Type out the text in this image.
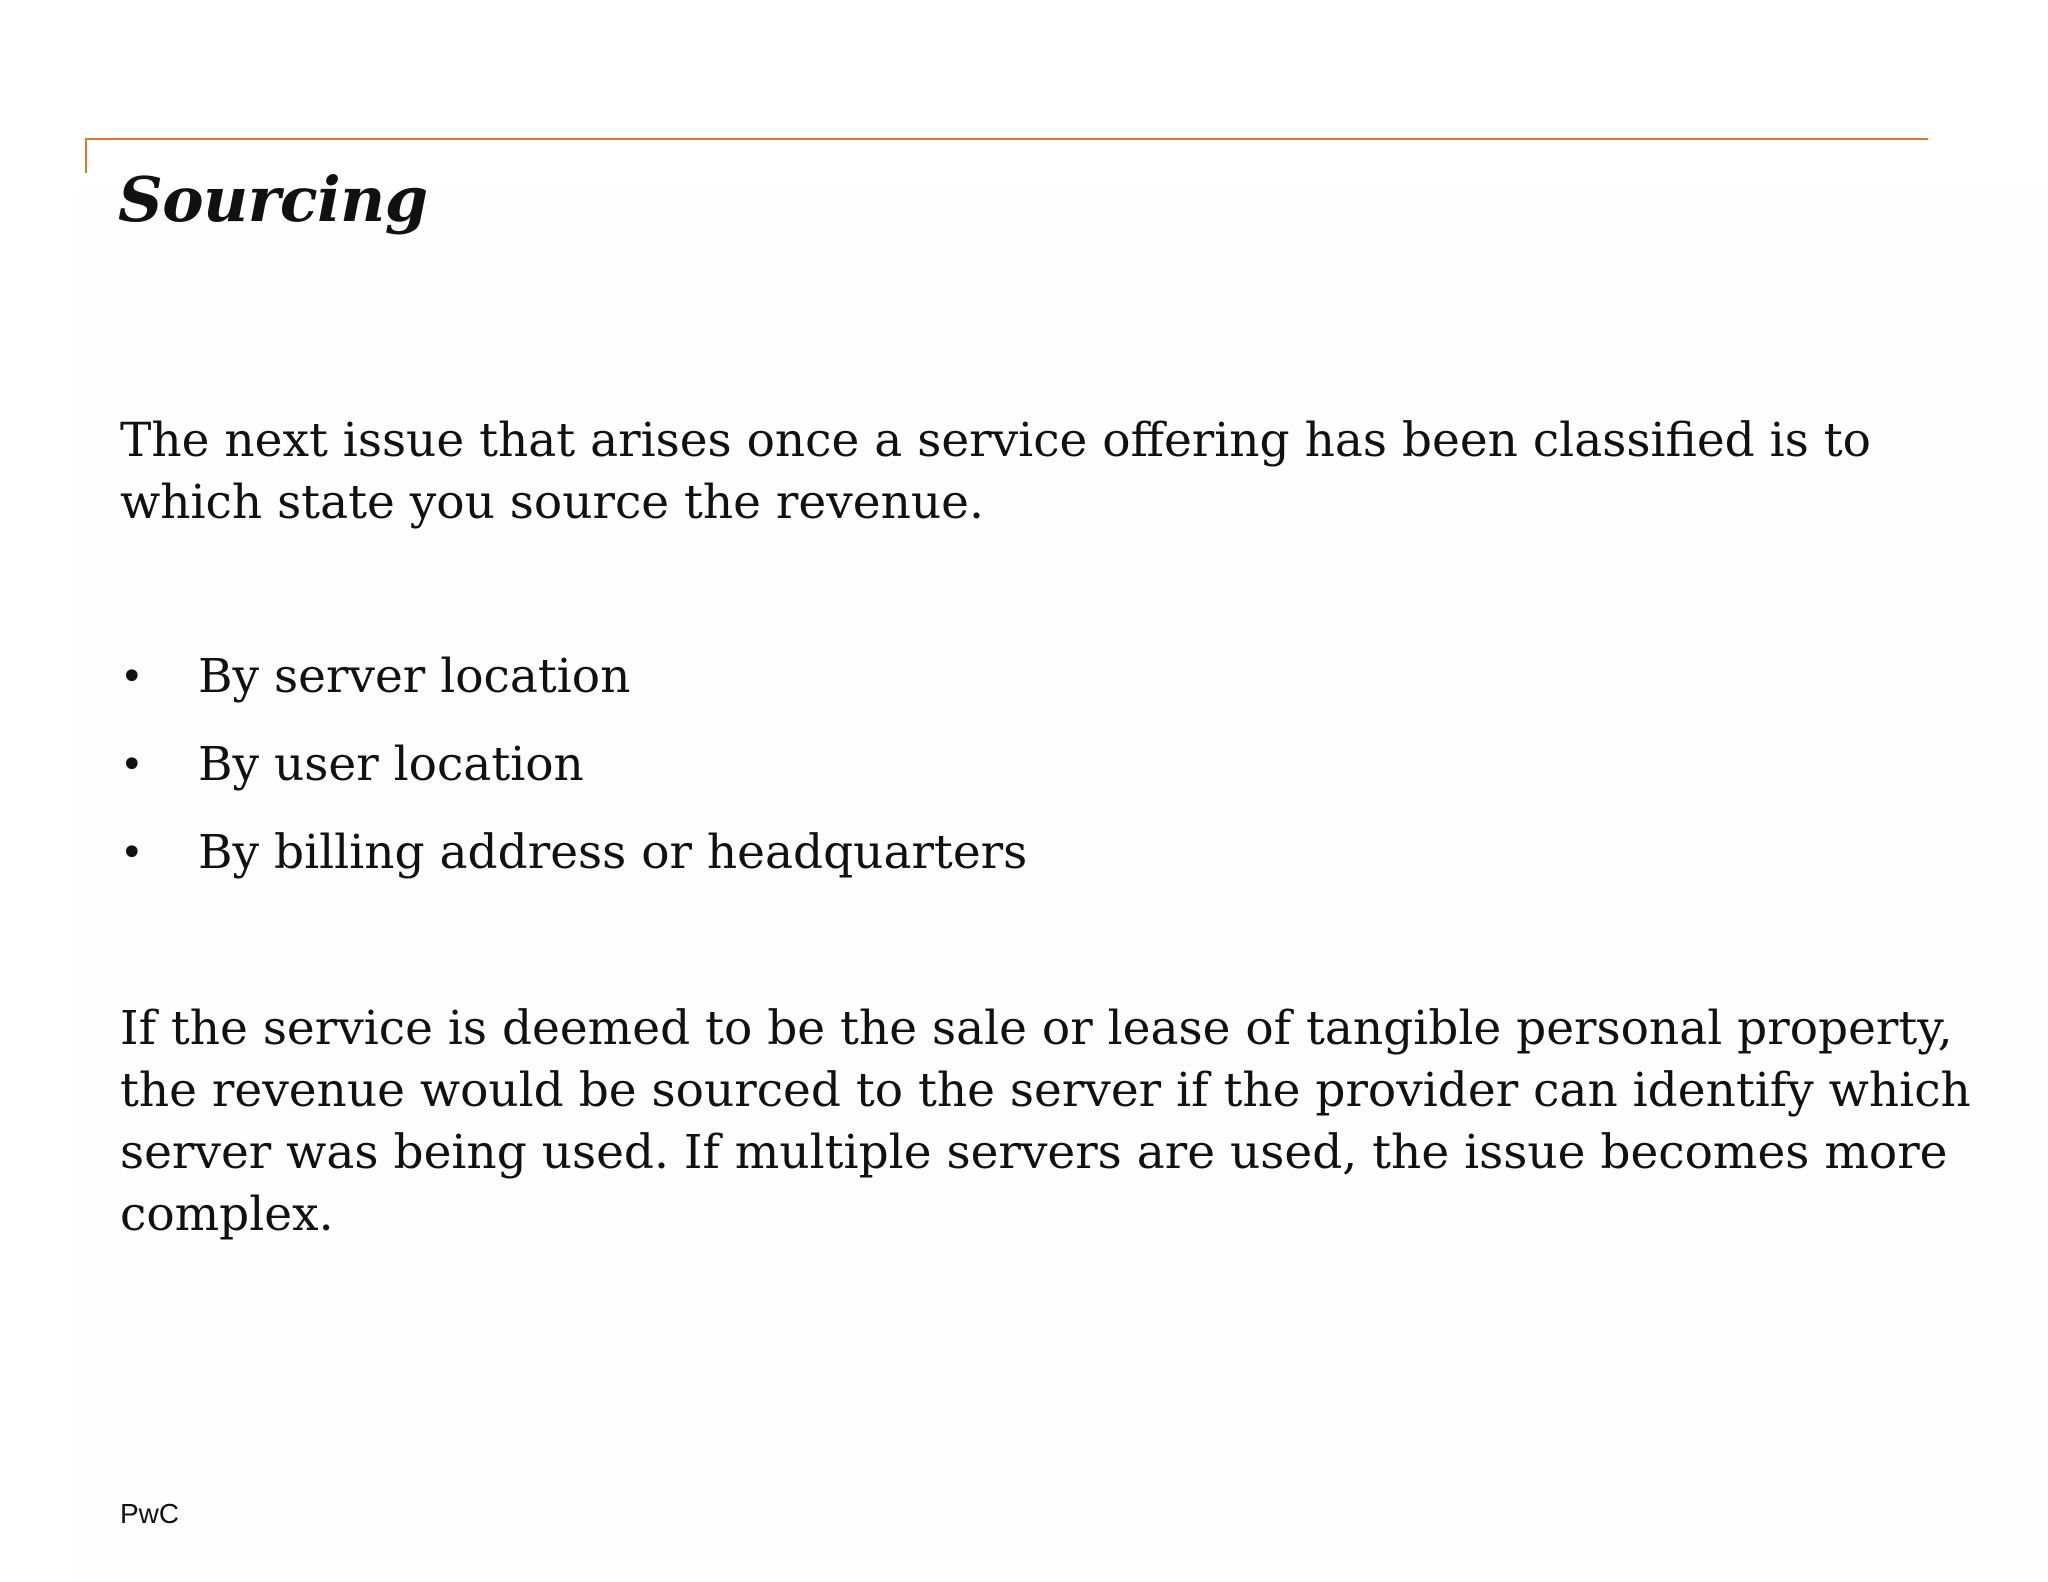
Sourcing

The next issue that arises once a service offering has been classified is to which state you source the revenue.

• By server location
• By user location
• By billing address or headquarters

If the service is deemed to be the sale or lease of tangible personal property, the revenue would be sourced to the server if the provider can identify which server was being used. If multiple servers are used, the issue becomes more complex.

PwC
